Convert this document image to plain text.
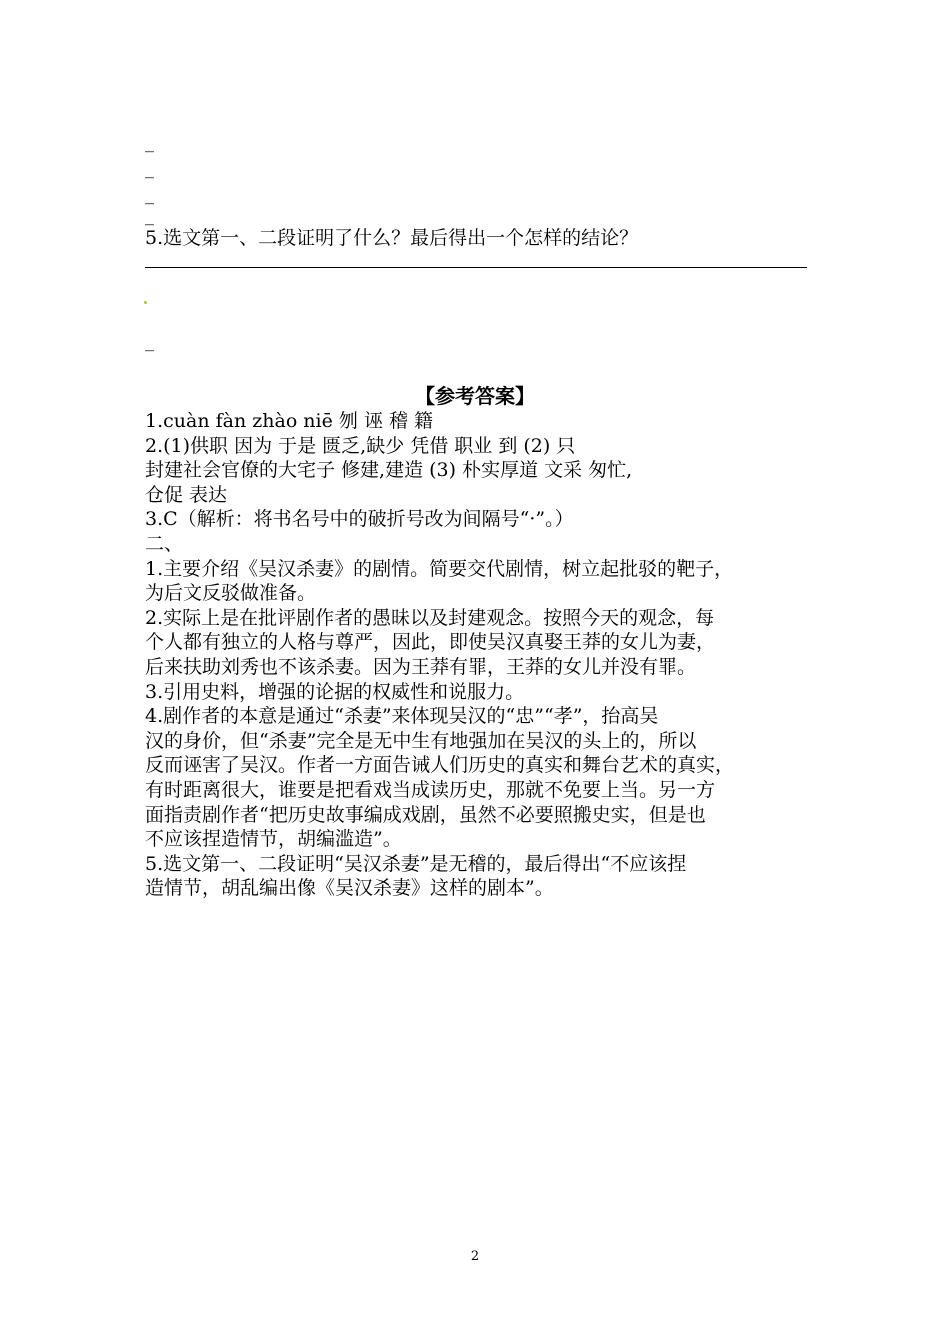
_
_
_
_
5.选文第一、二段证明了什么？最后得出一个怎样的结论？
_
【参考答案】
1.cuàn fàn zhào niē 刎 诬 稽 籍
2.(1)供职 因为 于是 匮乏,缺少 凭借 职业 到 (2) 只
封建社会官僚的大宅子 修建,建造 (3) 朴实厚道 文采 匆忙,
仓促 表达
3.C（解析：将书名号中的破折号改为间隔号“·”。）
二、
1.主要介绍《吴汉杀妻》的剧情。简要交代剧情，树立起批驳的靶子，
为后文反驳做准备。
2.实际上是在批评剧作者的愚昧以及封建观念。按照今天的观念，每
个人都有独立的人格与尊严，因此，即使吴汉真娶王莽的女儿为妻，
后来扶助刘秀也不该杀妻。因为王莽有罪，王莽的女儿并没有罪。
3.引用史料，增强的论据的权威性和说服力。
4.剧作者的本意是通过“杀妻”来体现吴汉的“忠”“孝”，抬高吴
汉的身价，但“杀妻”完全是无中生有地强加在吴汉的头上的，所以
反而诬害了吴汉。作者一方面告诫人们历史的真实和舞台艺术的真实，
有时距离很大，谁要是把看戏当成读历史，那就不免要上当。另一方
面指责剧作者“把历史故事编成戏剧，虽然不必要照搬史实，但是也
不应该捏造情节，胡编滥造”。
5.选文第一、二段证明“吴汉杀妻”是无稽的，最后得出“不应该捏
造情节，胡乱编出像《吴汉杀妻》这样的剧本”。
2
